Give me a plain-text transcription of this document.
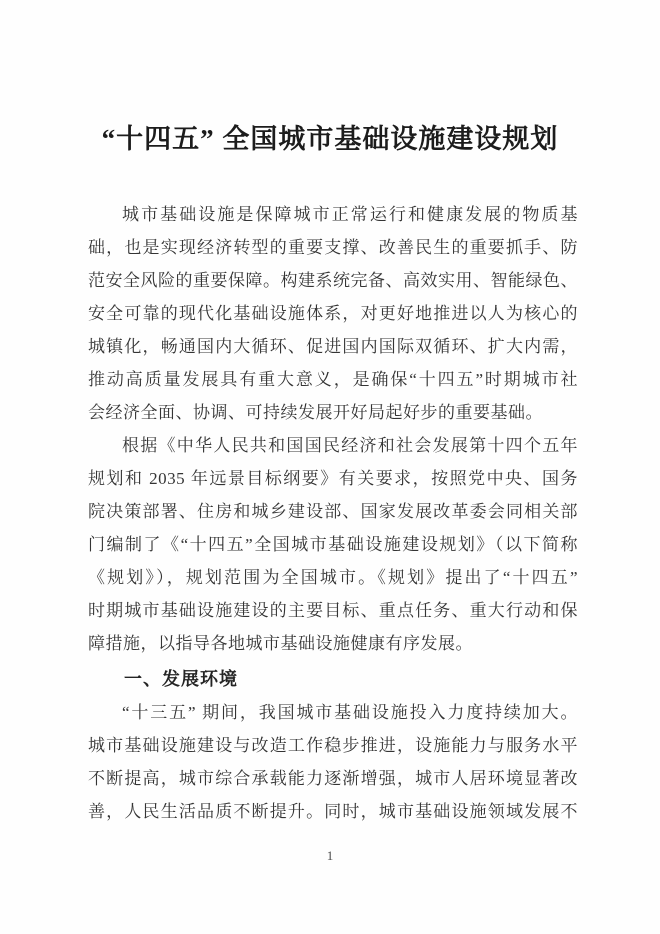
“十四五” 全国城市基础设施建设规划
城市基础设施是保障城市正常运行和健康发展的物质基
础，也是实现经济转型的重要支撑、改善民生的重要抓手、防
范安全风险的重要保障。构建系统完备、高效实用、智能绿色、
安全可靠的现代化基础设施体系，对更好地推进以人为核心的
城镇化，畅通国内大循环、促进国内国际双循环、扩大内需，
推动高质量发展具有重大意义，是确保“十四五”时期城市社
会经济全面、协调、可持续发展开好局起好步的重要基础。
根据《中华人民共和国国民经济和社会发展第十四个五年
规划和 2035 年远景目标纲要》有关要求，按照党中央、国务
院决策部署、住房和城乡建设部、国家发展改革委会同相关部
门编制了《“十四五”全国城市基础设施建设规划》（以下简称
《规划》），规划范围为全国城市。《规划》提出了“十四五”
时期城市基础设施建设的主要目标、重点任务、重大行动和保
障措施，以指导各地城市基础设施健康有序发展。
一、发展环境
“十三五” 期间，我国城市基础设施投入力度持续加大。
城市基础设施建设与改造工作稳步推进，设施能力与服务水平
不断提高，城市综合承载能力逐渐增强，城市人居环境显著改
善，人民生活品质不断提升。同时，城市基础设施领域发展不
1
